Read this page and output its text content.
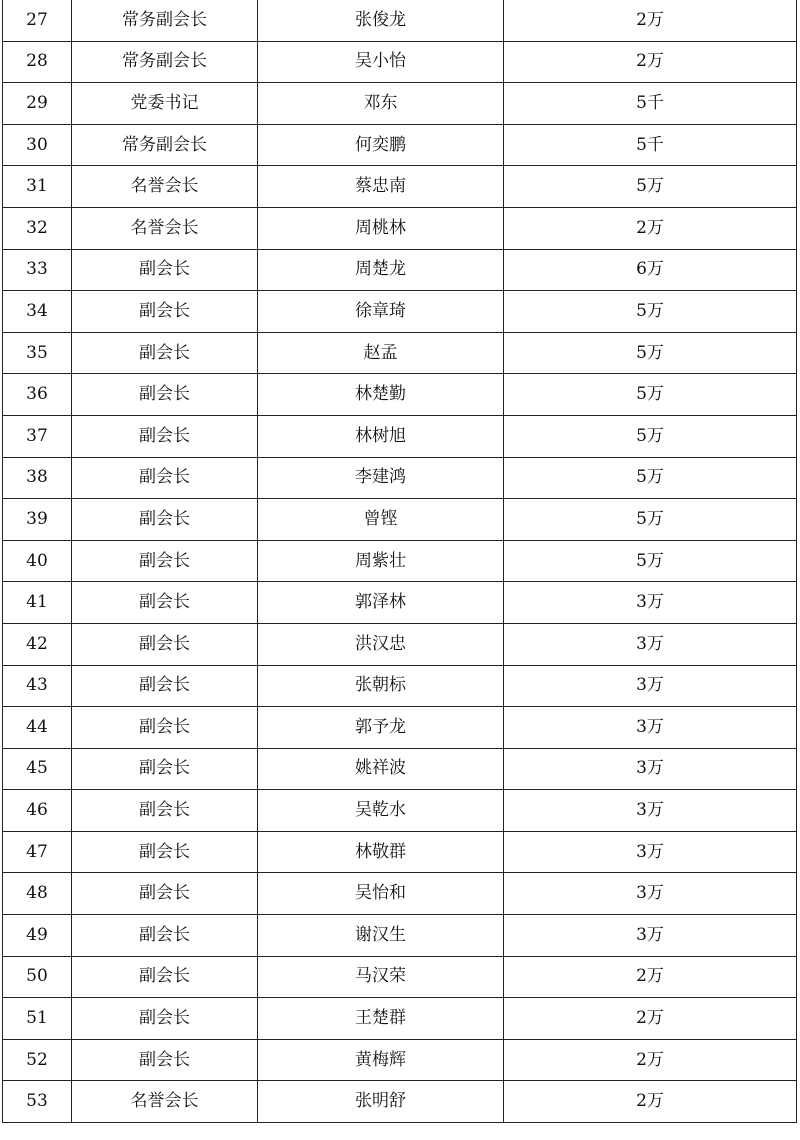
27	常务副会长	张俊龙	2万
28	常务副会长	吴小怡	2万
29	党委书记	邓东	5千
30	常务副会长	何奕鹏	5千
31	名誉会长	蔡忠南	5万
32	名誉会长	周桃林	2万
33	副会长	周楚龙	6万
34	副会长	徐章琦	5万
35	副会长	赵孟	5万
36	副会长	林楚勤	5万
37	副会长	林树旭	5万
38	副会长	李建鸿	5万
39	副会长	曾铿	5万
40	副会长	周紫壮	5万
41	副会长	郭泽林	3万
42	副会长	洪汉忠	3万
43	副会长	张朝标	3万
44	副会长	郭予龙	3万
45	副会长	姚祥波	3万
46	副会长	吴乾水	3万
47	副会长	林敬群	3万
48	副会长	吴怡和	3万
49	副会长	谢汉生	3万
50	副会长	马汉荣	2万
51	副会长	王楚群	2万
52	副会长	黄梅辉	2万
53	名誉会长	张明舒	2万
